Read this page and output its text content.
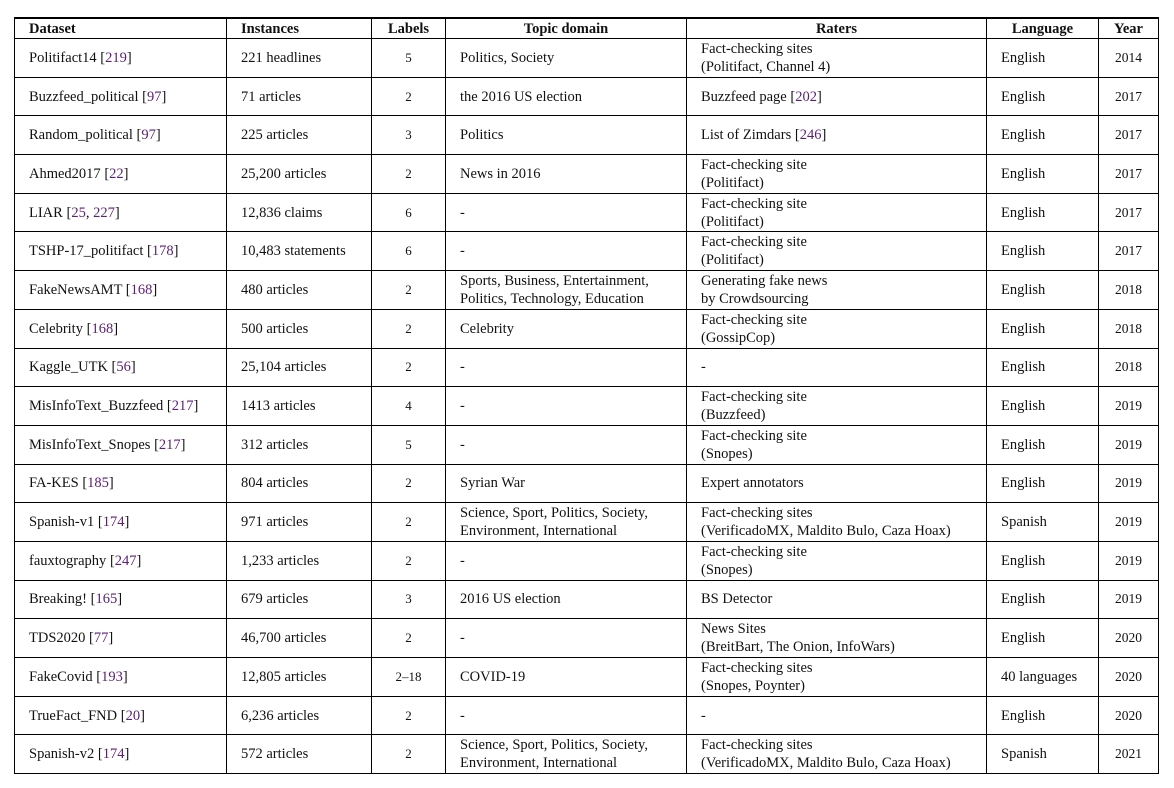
Dataset	Instances	Labels	Topic domain	Raters	Language	Year
Politifact14 [219]	221 headlines	5	Politics, Society	Fact-checking sites
(Politifact, Channel 4)	English	2014
Buzzfeed_political [97]	71 articles	2	the 2016 US election	Buzzfeed page [202]	English	2017
Random_political [97]	225 articles	3	Politics	List of Zimdars [246]	English	2017
Ahmed2017 [22]	25,200 articles	2	News in 2016	Fact-checking site
(Politifact)	English	2017
LIAR [25, 227]	12,836 claims	6	-	Fact-checking site
(Politifact)	English	2017
TSHP-17_politifact [178]	10,483 statements	6	-	Fact-checking site
(Politifact)	English	2017
FakeNewsAMT [168]	480 articles	2	Sports, Business, Entertainment,
Politics, Technology, Education	Generating fake news
by Crowdsourcing	English	2018
Celebrity [168]	500 articles	2	Celebrity	Fact-checking site
(GossipCop)	English	2018
Kaggle_UTK [56]	25,104 articles	2	-	-	English	2018
MisInfoText_Buzzfeed [217]	1413 articles	4	-	Fact-checking site
(Buzzfeed)	English	2019
MisInfoText_Snopes [217]	312 articles	5	-	Fact-checking site
(Snopes)	English	2019
FA-KES [185]	804 articles	2	Syrian War	Expert annotators	English	2019
Spanish-v1 [174]	971 articles	2	Science, Sport, Politics, Society,
Environment, International	Fact-checking sites
(VerificadoMX, Maldito Bulo, Caza Hoax)	Spanish	2019
fauxtography [247]	1,233 articles	2	-	Fact-checking site
(Snopes)	English	2019
Breaking! [165]	679 articles	3	2016 US election	BS Detector	English	2019
TDS2020 [77]	46,700 articles	2	-	News Sites
(BreitBart, The Onion, InfoWars)	English	2020
FakeCovid [193]	12,805 articles	2–18	COVID-19	Fact-checking sites
(Snopes, Poynter)	40 languages	2020
TrueFact_FND [20]	6,236 articles	2	-	-	English	2020
Spanish-v2 [174]	572 articles	2	Science, Sport, Politics, Society,
Environment, International	Fact-checking sites
(VerificadoMX, Maldito Bulo, Caza Hoax)	Spanish	2021
